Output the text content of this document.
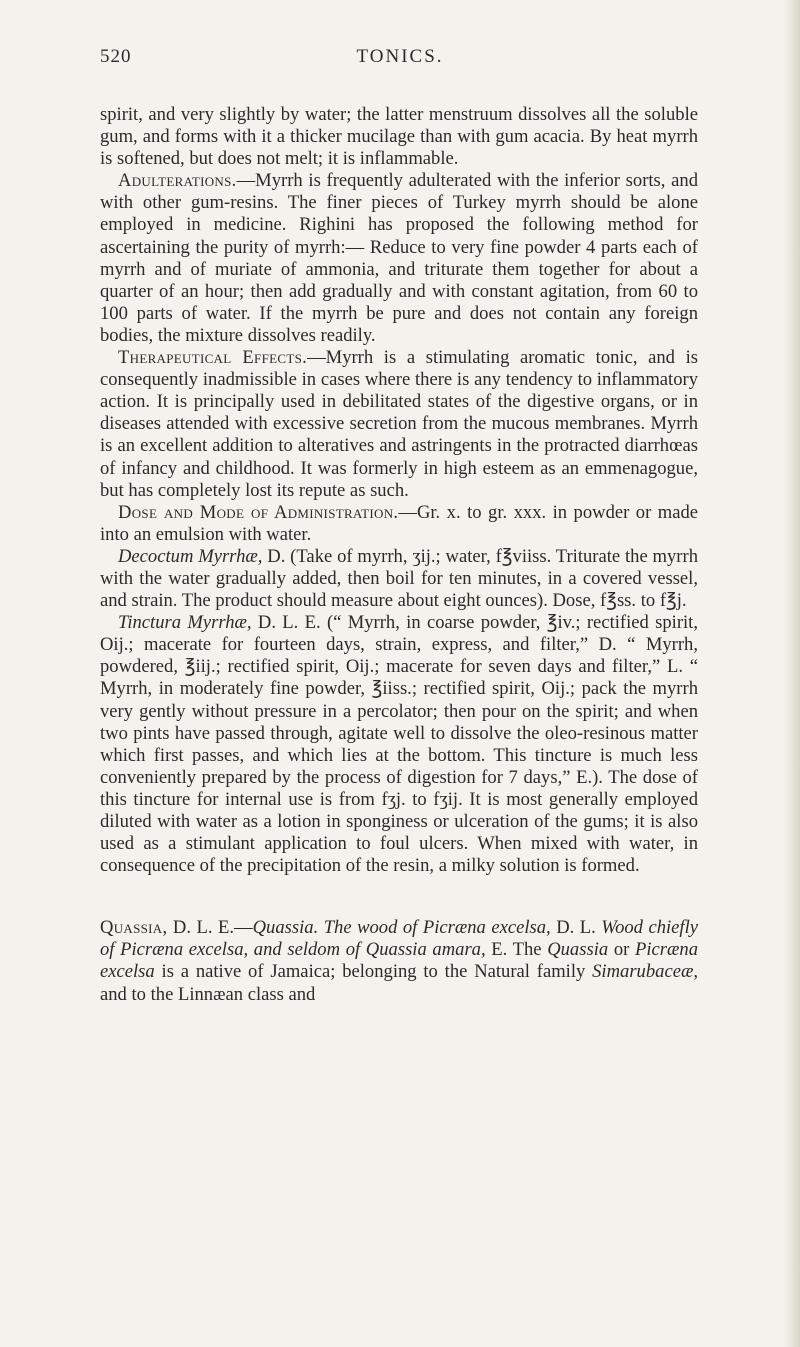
520	TONICS.

spirit, and very slightly by water; the latter menstruum dissolves all the soluble gum, and forms with it a thicker mucilage than with gum acacia. By heat myrrh is softened, but does not melt; it is inflammable.

Adulterations.—Myrrh is frequently adulterated with the inferior sorts, and with other gum-resins. The finer pieces of Turkey myrrh should be alone employed in medicine. Righini has proposed the following method for ascertaining the purity of myrrh:— Reduce to very fine powder 4 parts each of myrrh and of muriate of ammonia, and triturate them together for about a quarter of an hour; then add gradually and with constant agitation, from 60 to 100 parts of water. If the myrrh be pure and does not contain any foreign bodies, the mixture dissolves readily.

Therapeutical Effects.—Myrrh is a stimulating aromatic tonic, and is consequently inadmissible in cases where there is any tendency to inflammatory action. It is principally used in debilitated states of the digestive organs, or in diseases attended with excessive secretion from the mucous membranes. Myrrh is an excellent addition to alteratives and astringents in the protracted diarrhœas of infancy and childhood. It was formerly in high esteem as an emmenagogue, but has completely lost its repute as such.

Dose and Mode of Administration.—Gr. x. to gr. xxx. in powder or made into an emulsion with water.

Decoctum Myrrhæ, D. (Take of myrrh, ʒij.; water, f℥viiss. Triturate the myrrh with the water gradually added, then boil for ten minutes, in a covered vessel, and strain. The product should measure about eight ounces). Dose, f℥ss. to f℥j.

Tinctura Myrrhæ, D. L. E. (“ Myrrh, in coarse powder, ℥iv.; rectified spirit, Oij.; macerate for fourteen days, strain, express, and filter,” D. “ Myrrh, powdered, ℥iij.; rectified spirit, Oij.; macerate for seven days and filter,” L. “ Myrrh, in moderately fine powder, ℥iiss.; rectified spirit, Oij.; pack the myrrh very gently without pressure in a percolator; then pour on the spirit; and when two pints have passed through, agitate well to dissolve the oleo-resinous matter which first passes, and which lies at the bottom. This tincture is much less conveniently prepared by the process of digestion for 7 days,” E.). The dose of this tincture for internal use is from fʒj. to fʒij. It is most generally employed diluted with water as a lotion in sponginess or ulceration of the gums; it is also used as a stimulant application to foul ulcers. When mixed with water, in consequence of the precipitation of the resin, a milky solution is formed.

Quassia, D. L. E.—Quassia. The wood of Picræna excelsa, D. L. Wood chiefly of Picræna excelsa, and seldom of Quassia amara, E. The Quassia or Picræna excelsa is a native of Jamaica; belonging to the Natural family Simarubaceæ, and to the Linnæan class and
